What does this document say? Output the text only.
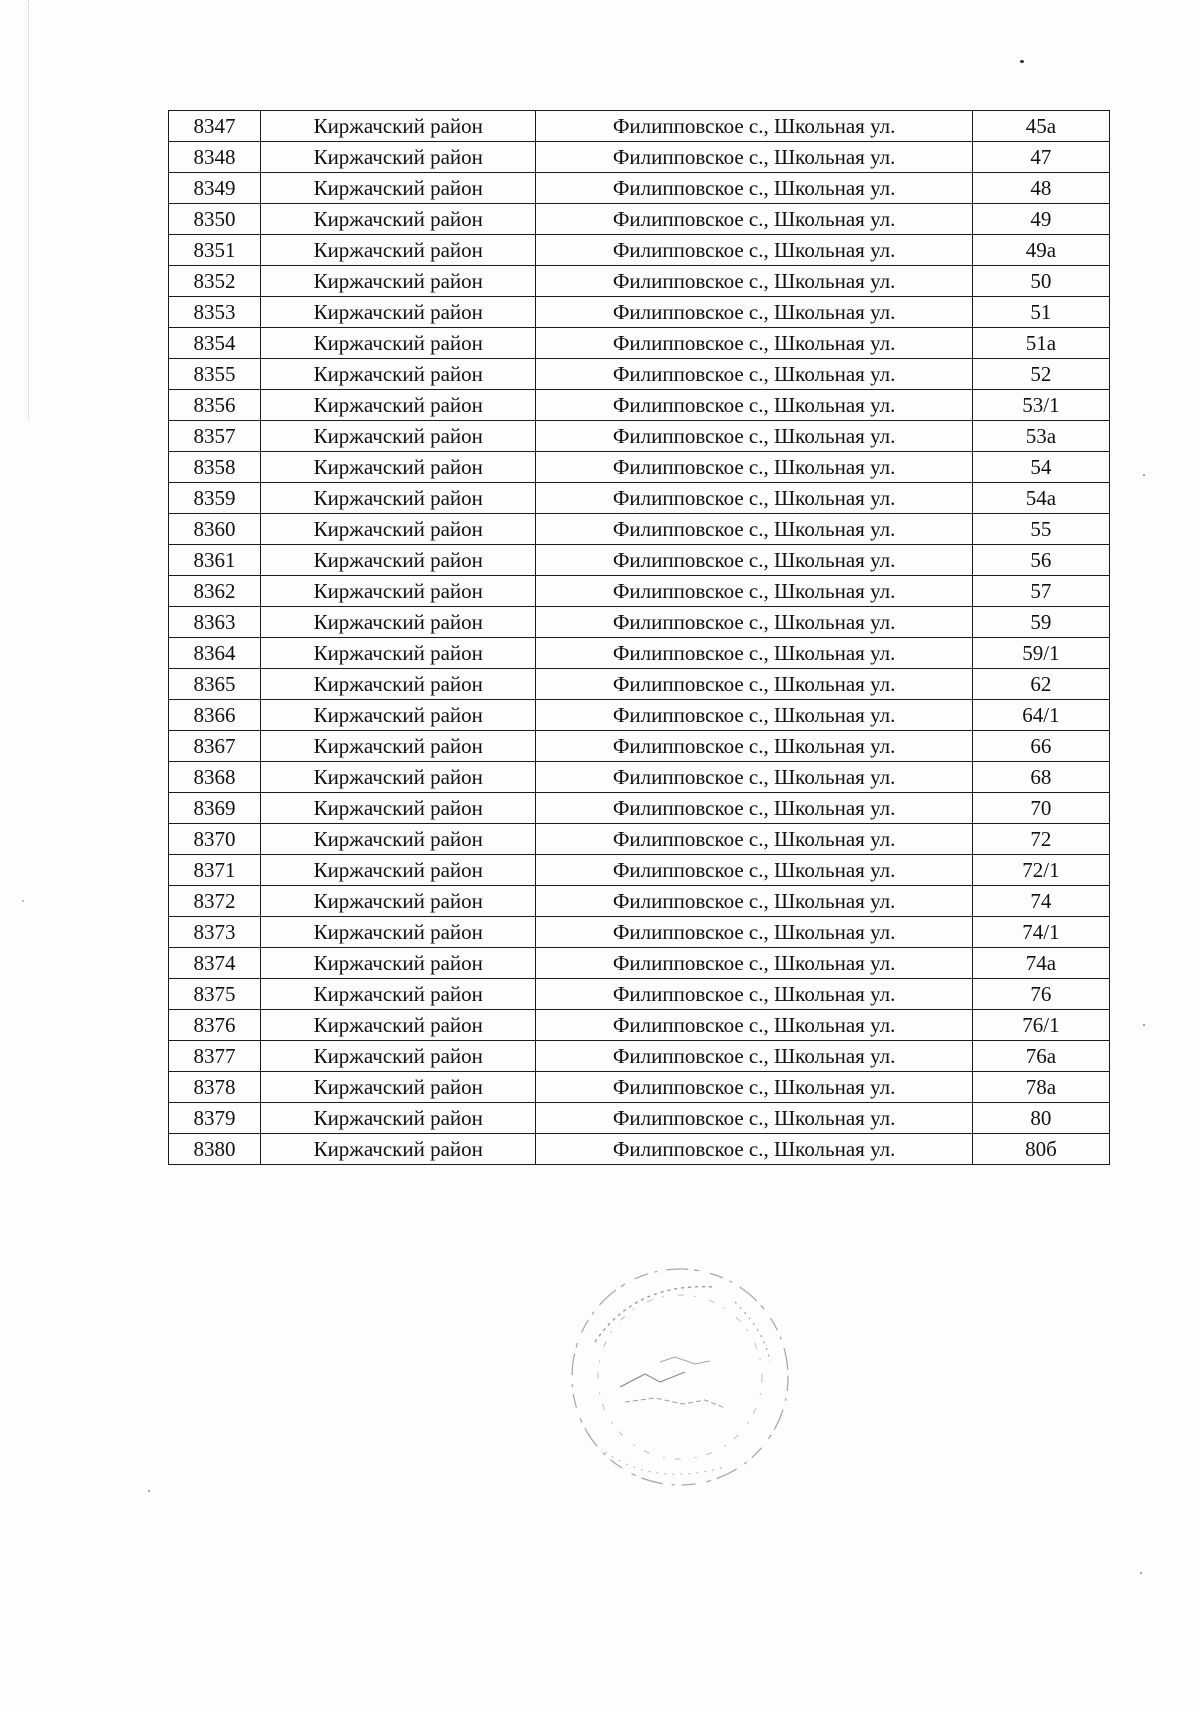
8347	Киржачский район	Филипповское с., Школьная ул.	45а
8348	Киржачский район	Филипповское с., Школьная ул.	47
8349	Киржачский район	Филипповское с., Школьная ул.	48
8350	Киржачский район	Филипповское с., Школьная ул.	49
8351	Киржачский район	Филипповское с., Школьная ул.	49а
8352	Киржачский район	Филипповское с., Школьная ул.	50
8353	Киржачский район	Филипповское с., Школьная ул.	51
8354	Киржачский район	Филипповское с., Школьная ул.	51а
8355	Киржачский район	Филипповское с., Школьная ул.	52
8356	Киржачский район	Филипповское с., Школьная ул.	53/1
8357	Киржачский район	Филипповское с., Школьная ул.	53а
8358	Киржачский район	Филипповское с., Школьная ул.	54
8359	Киржачский район	Филипповское с., Школьная ул.	54а
8360	Киржачский район	Филипповское с., Школьная ул.	55
8361	Киржачский район	Филипповское с., Школьная ул.	56
8362	Киржачский район	Филипповское с., Школьная ул.	57
8363	Киржачский район	Филипповское с., Школьная ул.	59
8364	Киржачский район	Филипповское с., Школьная ул.	59/1
8365	Киржачский район	Филипповское с., Школьная ул.	62
8366	Киржачский район	Филипповское с., Школьная ул.	64/1
8367	Киржачский район	Филипповское с., Школьная ул.	66
8368	Киржачский район	Филипповское с., Школьная ул.	68
8369	Киржачский район	Филипповское с., Школьная ул.	70
8370	Киржачский район	Филипповское с., Школьная ул.	72
8371	Киржачский район	Филипповское с., Школьная ул.	72/1
8372	Киржачский район	Филипповское с., Школьная ул.	74
8373	Киржачский район	Филипповское с., Школьная ул.	74/1
8374	Киржачский район	Филипповское с., Школьная ул.	74а
8375	Киржачский район	Филипповское с., Школьная ул.	76
8376	Киржачский район	Филипповское с., Школьная ул.	76/1
8377	Киржачский район	Филипповское с., Школьная ул.	76а
8378	Киржачский район	Филипповское с., Школьная ул.	78а
8379	Киржачский район	Филипповское с., Школьная ул.	80
8380	Киржачский район	Филипповское с., Школьная ул.	80б
